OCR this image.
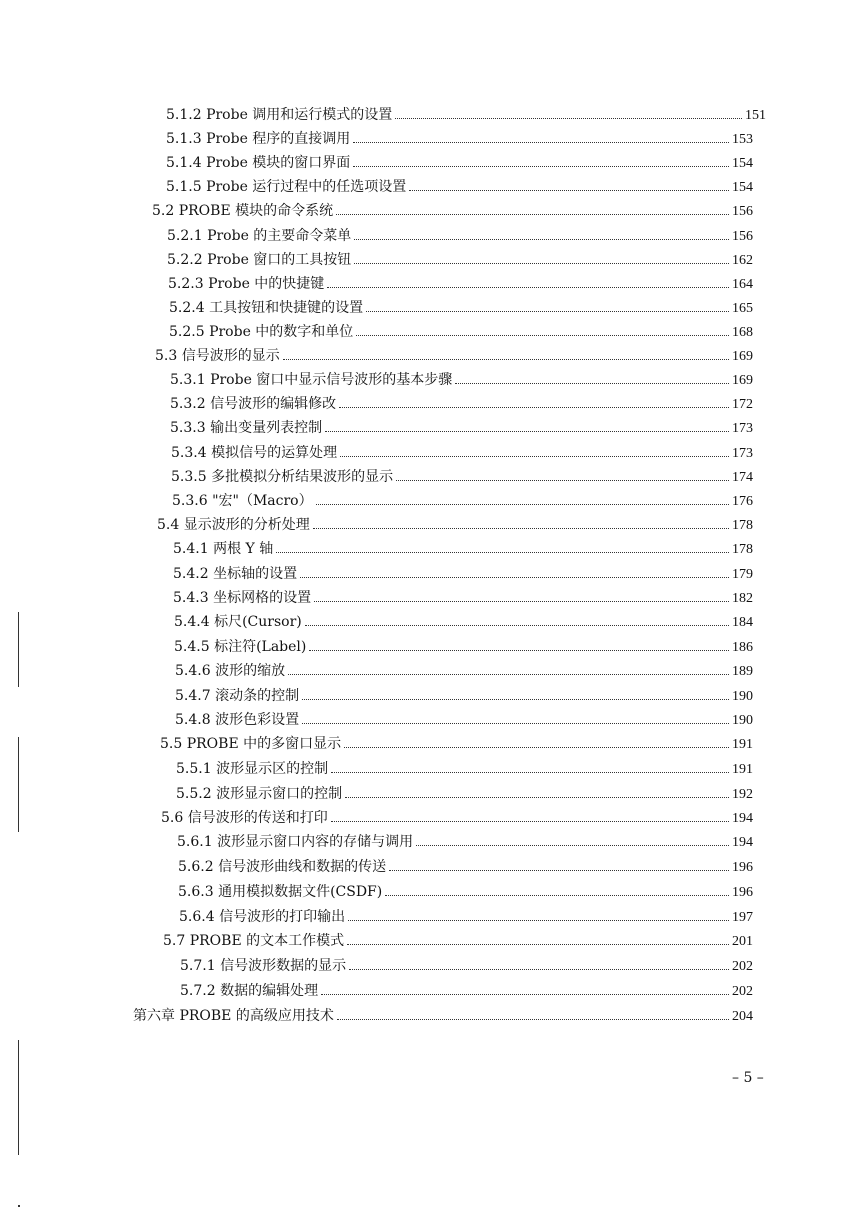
5.1.2 Probe 调用和运行模式的设置	151
5.1.3 Probe 程序的直接调用	153
5.1.4 Probe 模块的窗口界面	154
5.1.5 Probe 运行过程中的任选项设置	154
5.2 PROBE 模块的命令系统	156
5.2.1 Probe 的主要命令菜单	156
5.2.2 Probe 窗口的工具按钮	162
5.2.3 Probe 中的快捷键	164
5.2.4 工具按钮和快捷键的设置	165
5.2.5 Probe 中的数字和单位	168
5.3 信号波形的显示	169
5.3.1 Probe 窗口中显示信号波形的基本步骤	169
5.3.2 信号波形的编辑修改	172
5.3.3 输出变量列表控制	173
5.3.4 模拟信号的运算处理	173
5.3.5 多批模拟分析结果波形的显示	174
5.3.6 "宏"（Macro）	176
5.4 显示波形的分析处理	178
5.4.1 两根 Y 轴	178
5.4.2 坐标轴的设置	179
5.4.3 坐标网格的设置	182
5.4.4 标尺(Cursor)	184
5.4.5 标注符(Label)	186
5.4.6 波形的缩放	189
5.4.7 滚动条的控制	190
5.4.8 波形色彩设置	190
5.5 PROBE 中的多窗口显示	191
5.5.1 波形显示区的控制	191
5.5.2 波形显示窗口的控制	192
5.6 信号波形的传送和打印	194
5.6.1 波形显示窗口内容的存储与调用	194
5.6.2 信号波形曲线和数据的传送	196
5.6.3 通用模拟数据文件(CSDF)	196
5.6.4 信号波形的打印输出	197
5.7 PROBE 的文本工作模式	201
5.7.1 信号波形数据的显示	202
5.7.2 数据的编辑处理	202
第六章 PROBE 的高级应用技术	204
– 5 –
